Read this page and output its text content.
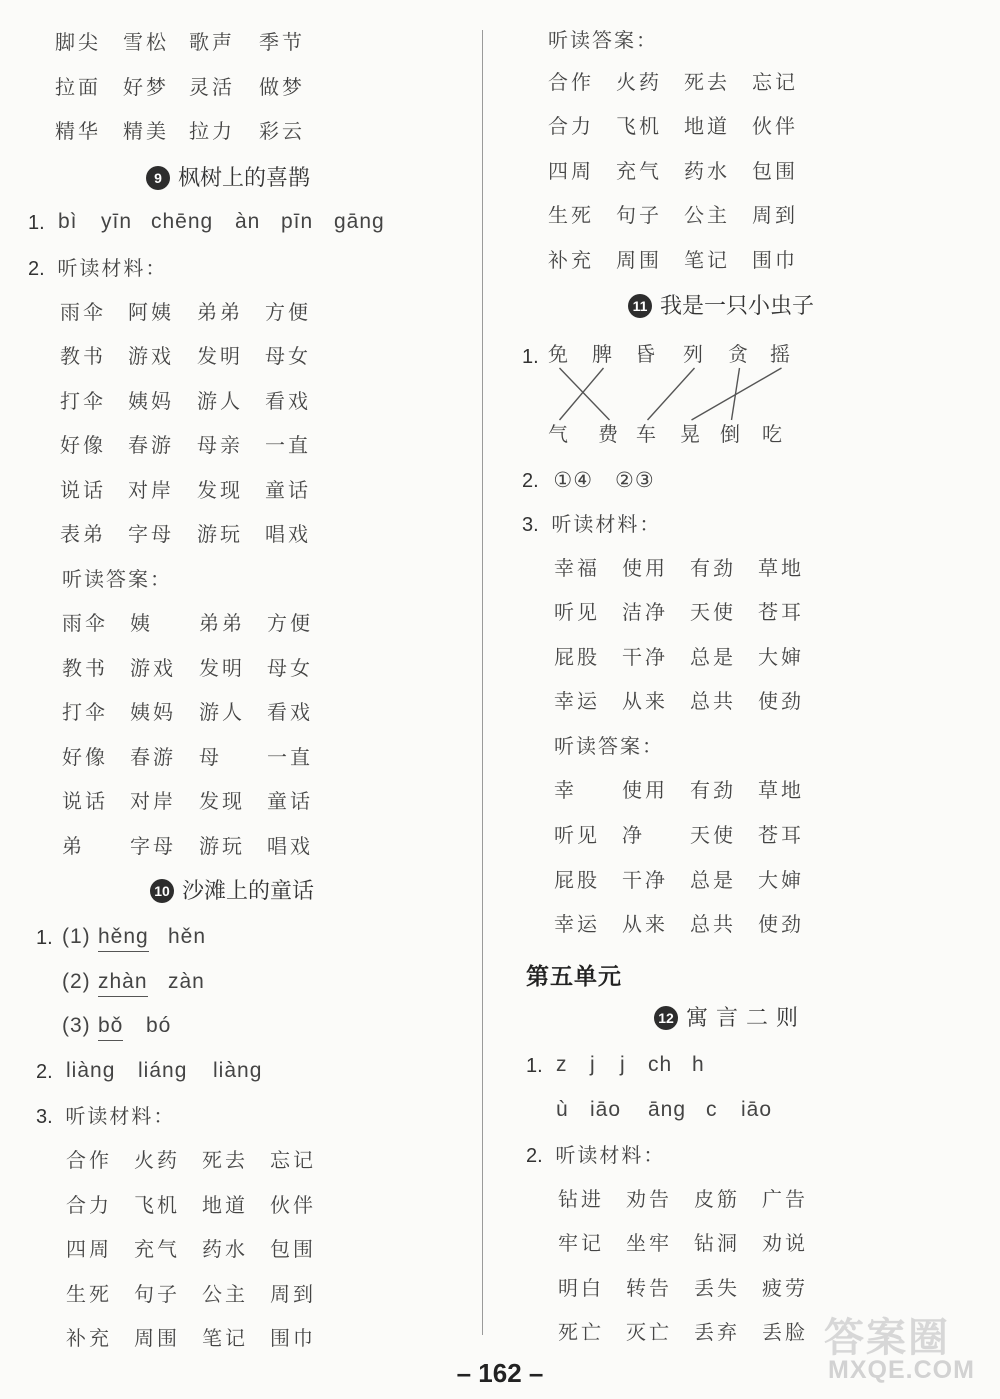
脚尖 雪松 歌声 季节
拉面 好梦 灵活 做梦
精华 精美 拉力 彩云
9 枫树上的喜鹊
1. bì yīn chēng àn pīn gāng
2. 听读材料：
雨伞 阿姨 弟弟 方便
教书 游戏 发明 母女
打伞 姨妈 游人 看戏
好像 春游 母亲 一直
说话 对岸 发现 童话
表弟 字母 游玩 唱戏
听读答案：
雨伞 姨 弟弟 方便
教书 游戏 发明 母女
打伞 姨妈 游人 看戏
好像 春游 母 一直
说话 对岸 发现 童话
弟 字母 游玩 唱戏
10 沙滩上的童话
1. (1) hěng hěn
(2) zhàn zàn
(3) bǒ bó
2. liàng liáng liàng
3. 听读材料：
合作 火药 死去 忘记
合力 飞机 地道 伙伴
四周 充气 药水 包围
生死 句子 公主 周到
补充 周围 笔记 围巾
听读答案：
合作 火药 死去 忘记
合力 飞机 地道 伙伴
四周 充气 药水 包围
生死 句子 公主 周到
补充 周围 笔记 围巾
11 我是一只小虫子
1. 免 脾 昏 列 贪 摇
气 费 车 晃 倒 吃
2. ①④　②③
3. 听读材料：
幸福 使用 有劲 草地
听见 洁净 天使 苍耳
屁股 干净 总是 大婶
幸运 从来 总共 使劲
听读答案：
幸 使用 有劲 草地
听见 净 天使 苍耳
屁股 干净 总是 大婶
幸运 从来 总共 使劲
第五单元
12 寓言二则
1. z j j ch h
ù iāo āng c iāo
2. 听读材料：
钻进 劝告 皮筋 广告
牢记 坐牢 钻洞 劝说
明白 转告 丢失 疲劳
死亡 灭亡 丢弃 丢脸
– 162 –
答案圈
MXQE.COM
